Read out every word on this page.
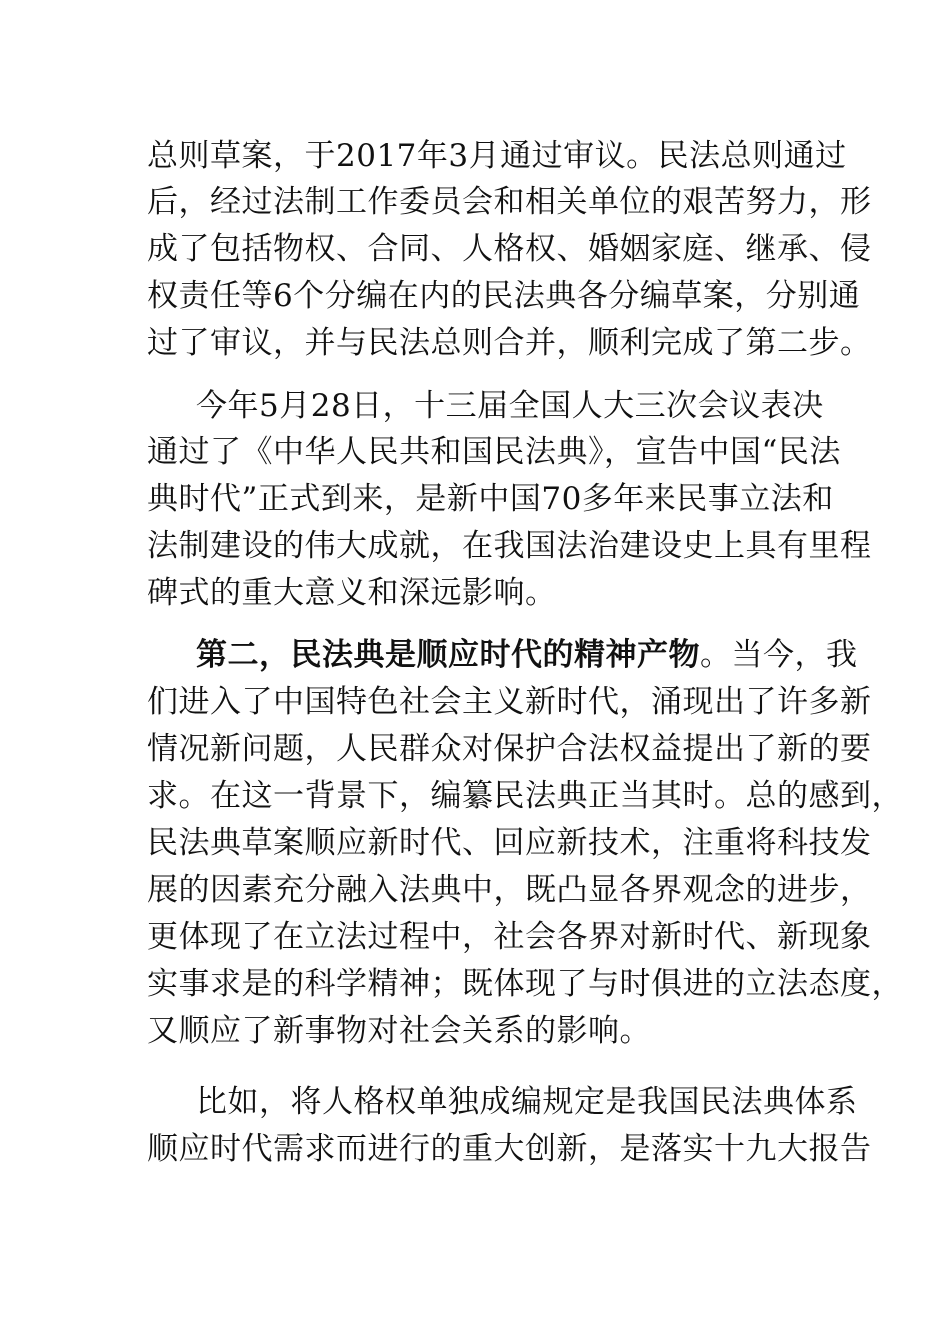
总则草案，于2017年3月通过审议。民法总则通过
后，经过法制工作委员会和相关单位的艰苦努力，形
成了包括物权、合同、人格权、婚姻家庭、继承、侵
权责任等6个分编在内的民法典各分编草案，分别通
过了审议，并与民法总则合并，顺利完成了第二步。
今年5月28日，十三届全国人大三次会议表决
通过了《中华人民共和国民法典》，宣告中国“民法
典时代”正式到来，是新中国70多年来民事立法和
法制建设的伟大成就，在我国法治建设史上具有里程
碑式的重大意义和深远影响。
第二，民法典是顺应时代的精神产物。当今，我
们进入了中国特色社会主义新时代，涌现出了许多新
情况新问题，人民群众对保护合法权益提出了新的要
求。在这一背景下，编纂民法典正当其时。总的感到，
民法典草案顺应新时代、回应新技术，注重将科技发
展的因素充分融入法典中，既凸显各界观念的进步，
更体现了在立法过程中，社会各界对新时代、新现象
实事求是的科学精神；既体现了与时俱进的立法态度，
又顺应了新事物对社会关系的影响。
比如，将人格权单独成编规定是我国民法典体系
顺应时代需求而进行的重大创新，是落实十九大报告
